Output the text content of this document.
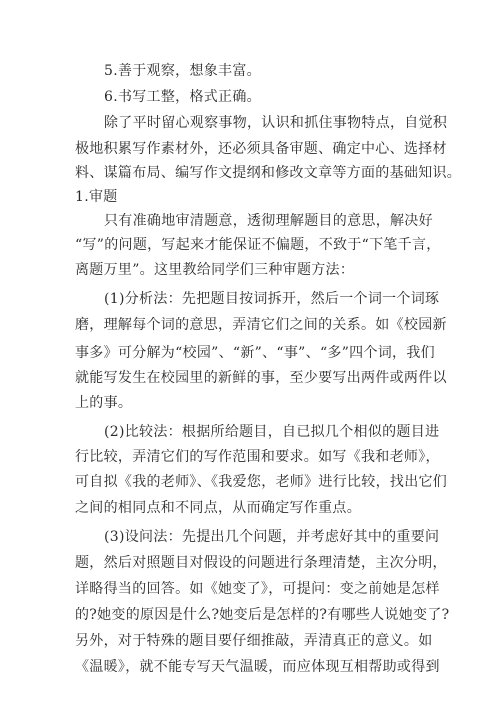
5.善于观察，想象丰富。
6.书写工整，格式正确。
除了平时留心观察事物，认识和抓住事物特点，自觉积
极地积累写作素材外，还必须具备审题、确定中心、选择材
料、谋篇布局、编写作文提纲和修改文章等方面的基础知识。
1.审题
只有准确地审清题意，透彻理解题目的意思，解决好
“写”的问题，写起来才能保证不偏题，不致于“下笔千言，
离题万里”。这里教给同学们三种审题方法：
(1)分析法：先把题目按词拆开，然后一个词一个词琢
磨，理解每个词的意思，弄清它们之间的关系。如《校园新
事多》可分解为“校园”、“新”、“事”、“多”四个词，我们
就能写发生在校园里的新鲜的事，至少要写出两件或两件以
上的事。
(2)比较法：根据所给题目，自已拟几个相似的题目进
行比较，弄清它们的写作范围和要求。如写《我和老师》，
可自拟《我的老师》、《我爱您，老师》进行比较，找出它们
之间的相同点和不同点，从而确定写作重点。
(3)设问法：先提出几个问题，并考虑好其中的重要问
题，然后对照题目对假设的问题进行条理清楚，主次分明，
详略得当的回答。如《她变了》，可提问：变之前她是怎样
的?她变的原因是什么?她变后是怎样的?有哪些人说她变了?
另外，对于特殊的题目要仔细推敲，弄清真正的意义。如
《温暖》，就不能专写天气温暖，而应体现互相帮助或得到
